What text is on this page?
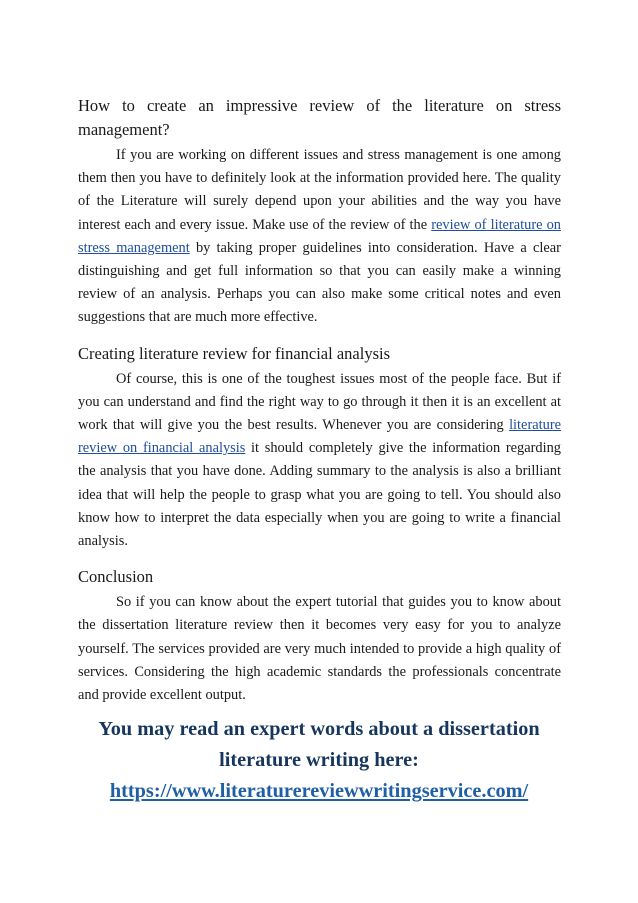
How to create an impressive review of the literature on stress management?

If you are working on different issues and stress management is one among them then you have to definitely look at the information provided here. The quality of the Literature will surely depend upon your abilities and the way you have interest each and every issue. Make use of the review of the review of literature on stress management by taking proper guidelines into consideration. Have a clear distinguishing and get full information so that you can easily make a winning review of an analysis. Perhaps you can also make some critical notes and even suggestions that are much more effective.

Creating literature review for financial analysis

Of course, this is one of the toughest issues most of the people face. But if you can understand and find the right way to go through it then it is an excellent at work that will give you the best results. Whenever you are considering literature review on financial analysis it should completely give the information regarding the analysis that you have done. Adding summary to the analysis is also a brilliant idea that will help the people to grasp what you are going to tell. You should also know how to interpret the data especially when you are going to write a financial analysis.

Conclusion

So if you can know about the expert tutorial that guides you to know about the dissertation literature review then it becomes very easy for you to analyze yourself. The services provided are very much intended to provide a high quality of services. Considering the high academic standards the professionals concentrate and provide excellent output.

You may read an expert words about a dissertation literature writing here:
https://www.literaturereviewwritingservice.com/
